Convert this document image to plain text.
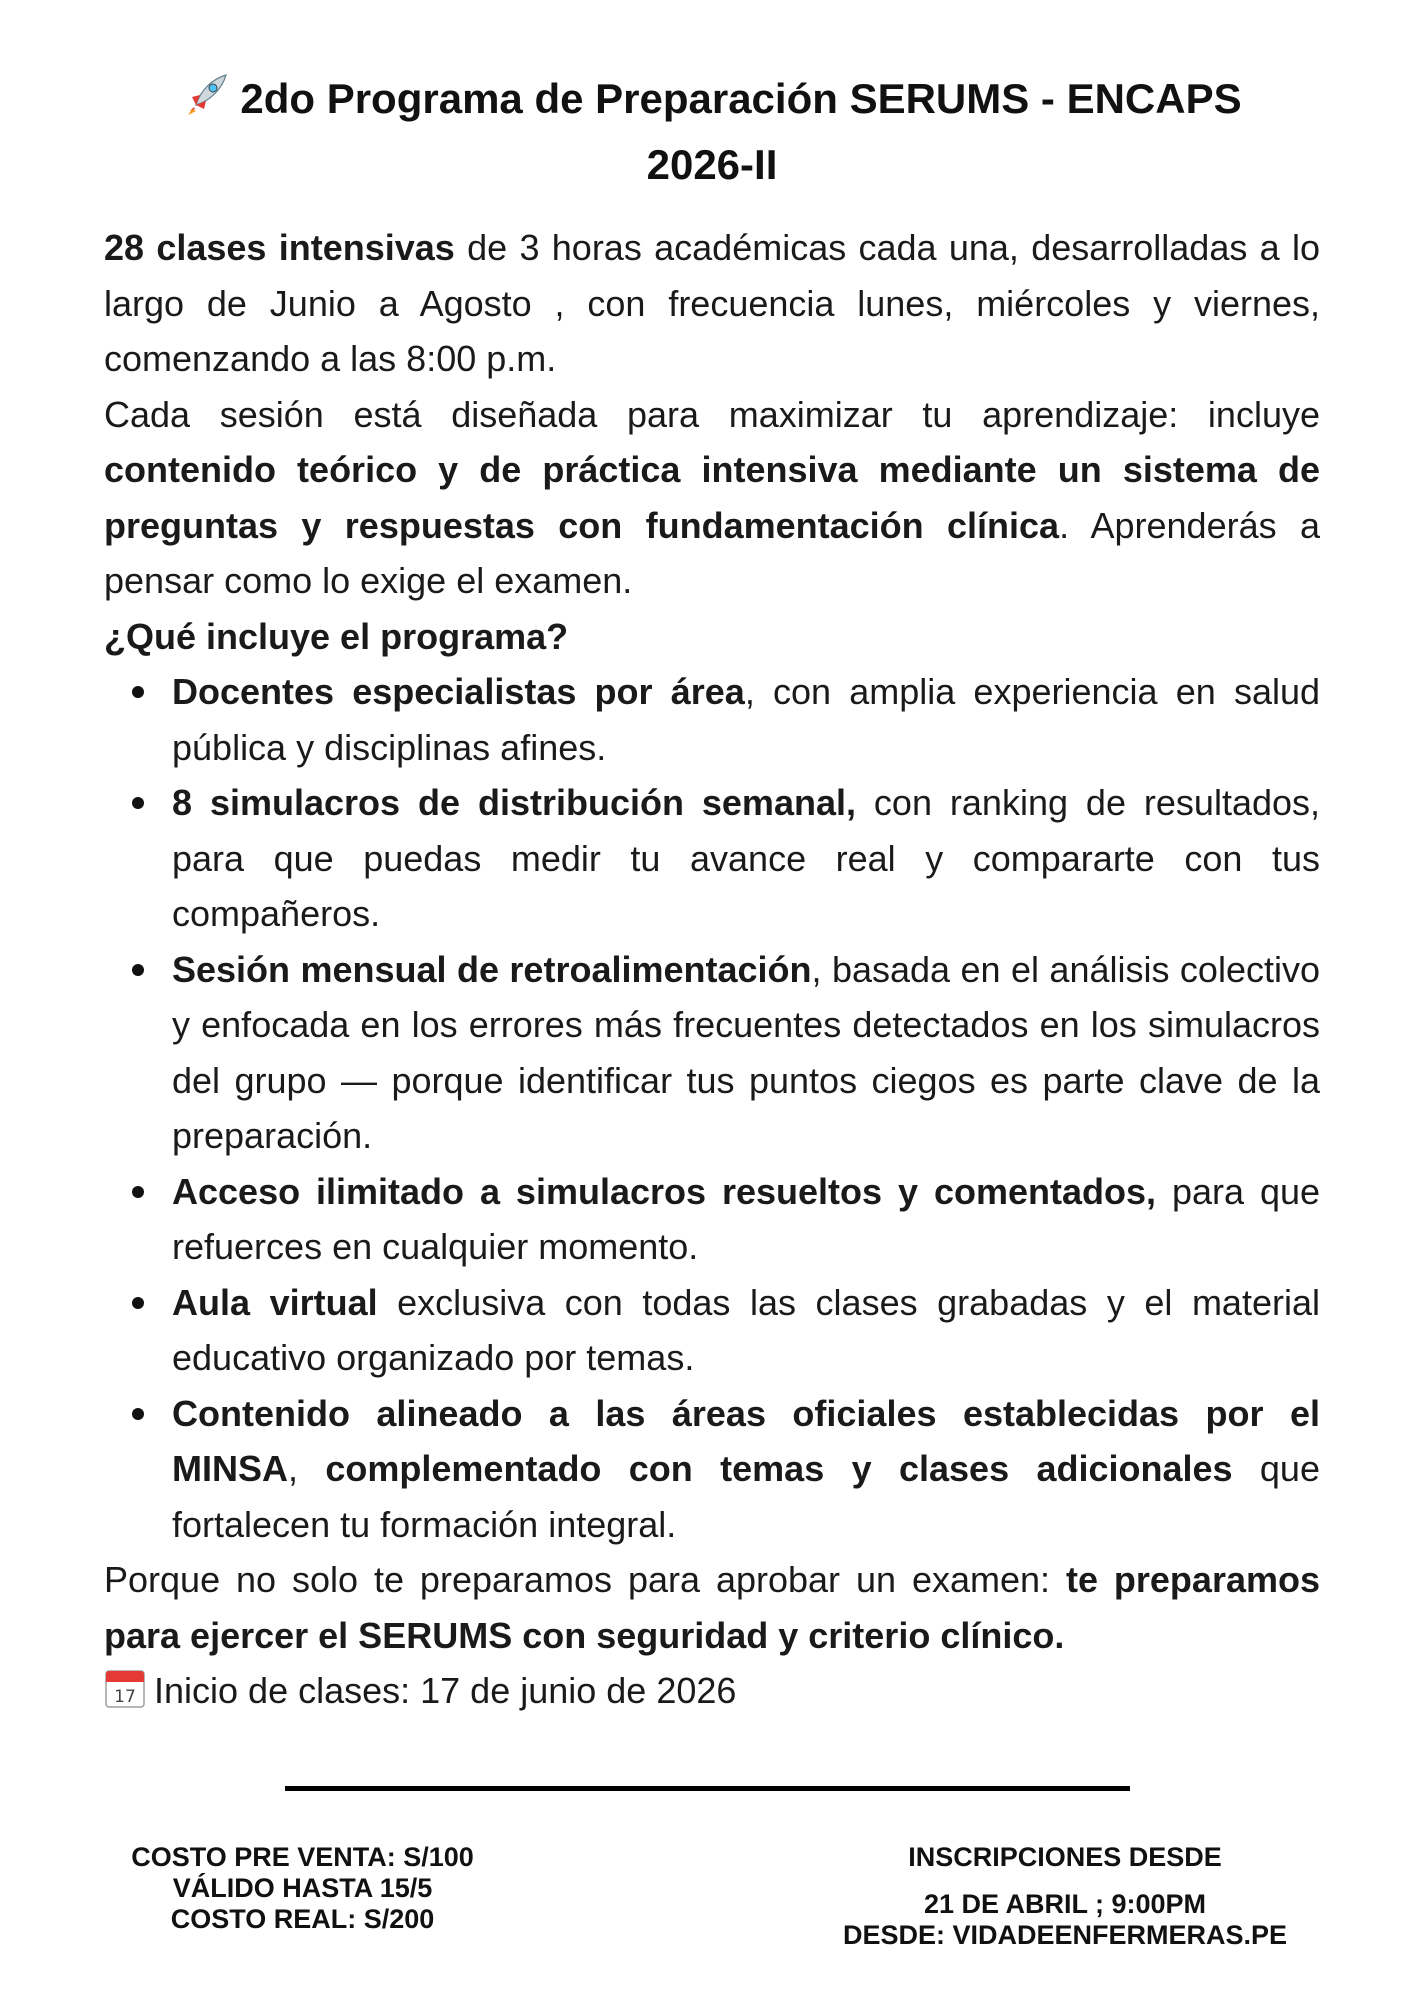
2do Programa de Preparación SERUMS - ENCAPS
2026-II

28 clases intensivas de 3 horas académicas cada una, desarrolladas a lo largo de Junio a Agosto , con frecuencia lunes, miércoles y viernes, comenzando a las 8:00 p.m.

Cada sesión está diseñada para maximizar tu aprendizaje: incluye contenido teórico y de práctica intensiva mediante un sistema de preguntas y respuestas con fundamentación clínica. Aprenderás a pensar como lo exige el examen.

¿Qué incluye el programa?

Docentes especialistas por área, con amplia experiencia en salud pública y disciplinas afines.
8 simulacros de distribución semanal, con ranking de resultados, para que puedas medir tu avance real y compararte con tus compañeros.
Sesión mensual de retroalimentación, basada en el análisis colectivo y enfocada en los errores más frecuentes detectados en los simulacros del grupo — porque identificar tus puntos ciegos es parte clave de la preparación.
Acceso ilimitado a simulacros resueltos y comentados, para que refuerces en cualquier momento.
Aula virtual exclusiva con todas las clases grabadas y el material educativo organizado por temas.
Contenido alineado a las áreas oficiales establecidas por el MINSA, complementado con temas y clases adicionales que fortalecen tu formación integral.

Porque no solo te preparamos para aprobar un examen: te preparamos para ejercer el SERUMS con seguridad y criterio clínico.

17 Inicio de clases: 17 de junio de 2026

COSTO PRE VENTA: S/100
VÁLIDO HASTA 15/5
COSTO REAL: S/200
INSCRIPCIONES DESDE
21 DE ABRIL ; 9:00PM
DESDE: VIDADEENFERMERAS.PE
